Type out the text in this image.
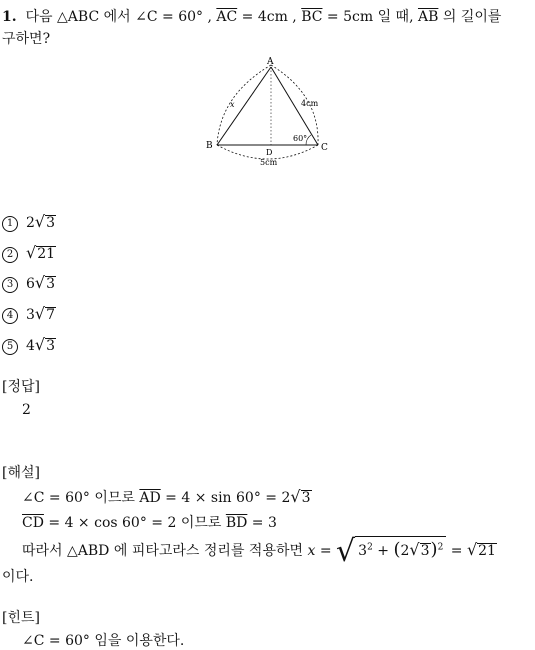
1. 다음 △ABC 에서 ∠C = 60° , $\overline{AC} = 4cm$ , $\overline{BC} = 5cm$ 일 때, $\overline{AB}$ 의 길이를
구하면?
A
B	C
D
x	4cm
5cm
60°
1 2√3
2 √21
3 6√3
4 3√7
5 4√3
[정답]
2
[해설]
∠C = 60° 이므로 $\overline{AD} = 4 \times \sin 60^\circ = 2√3$
$\overline{CD} = 4 \times \cos 60^\circ = 2$ 이므로 $\overline{BD} = 3$
따라서 △ABD 에 피타고라스 정리를 적용하면 x = √ $3^2 + (2√3)^2 = √21$
이다.
[힌트]
∠C = 60° 임을 이용한다.
